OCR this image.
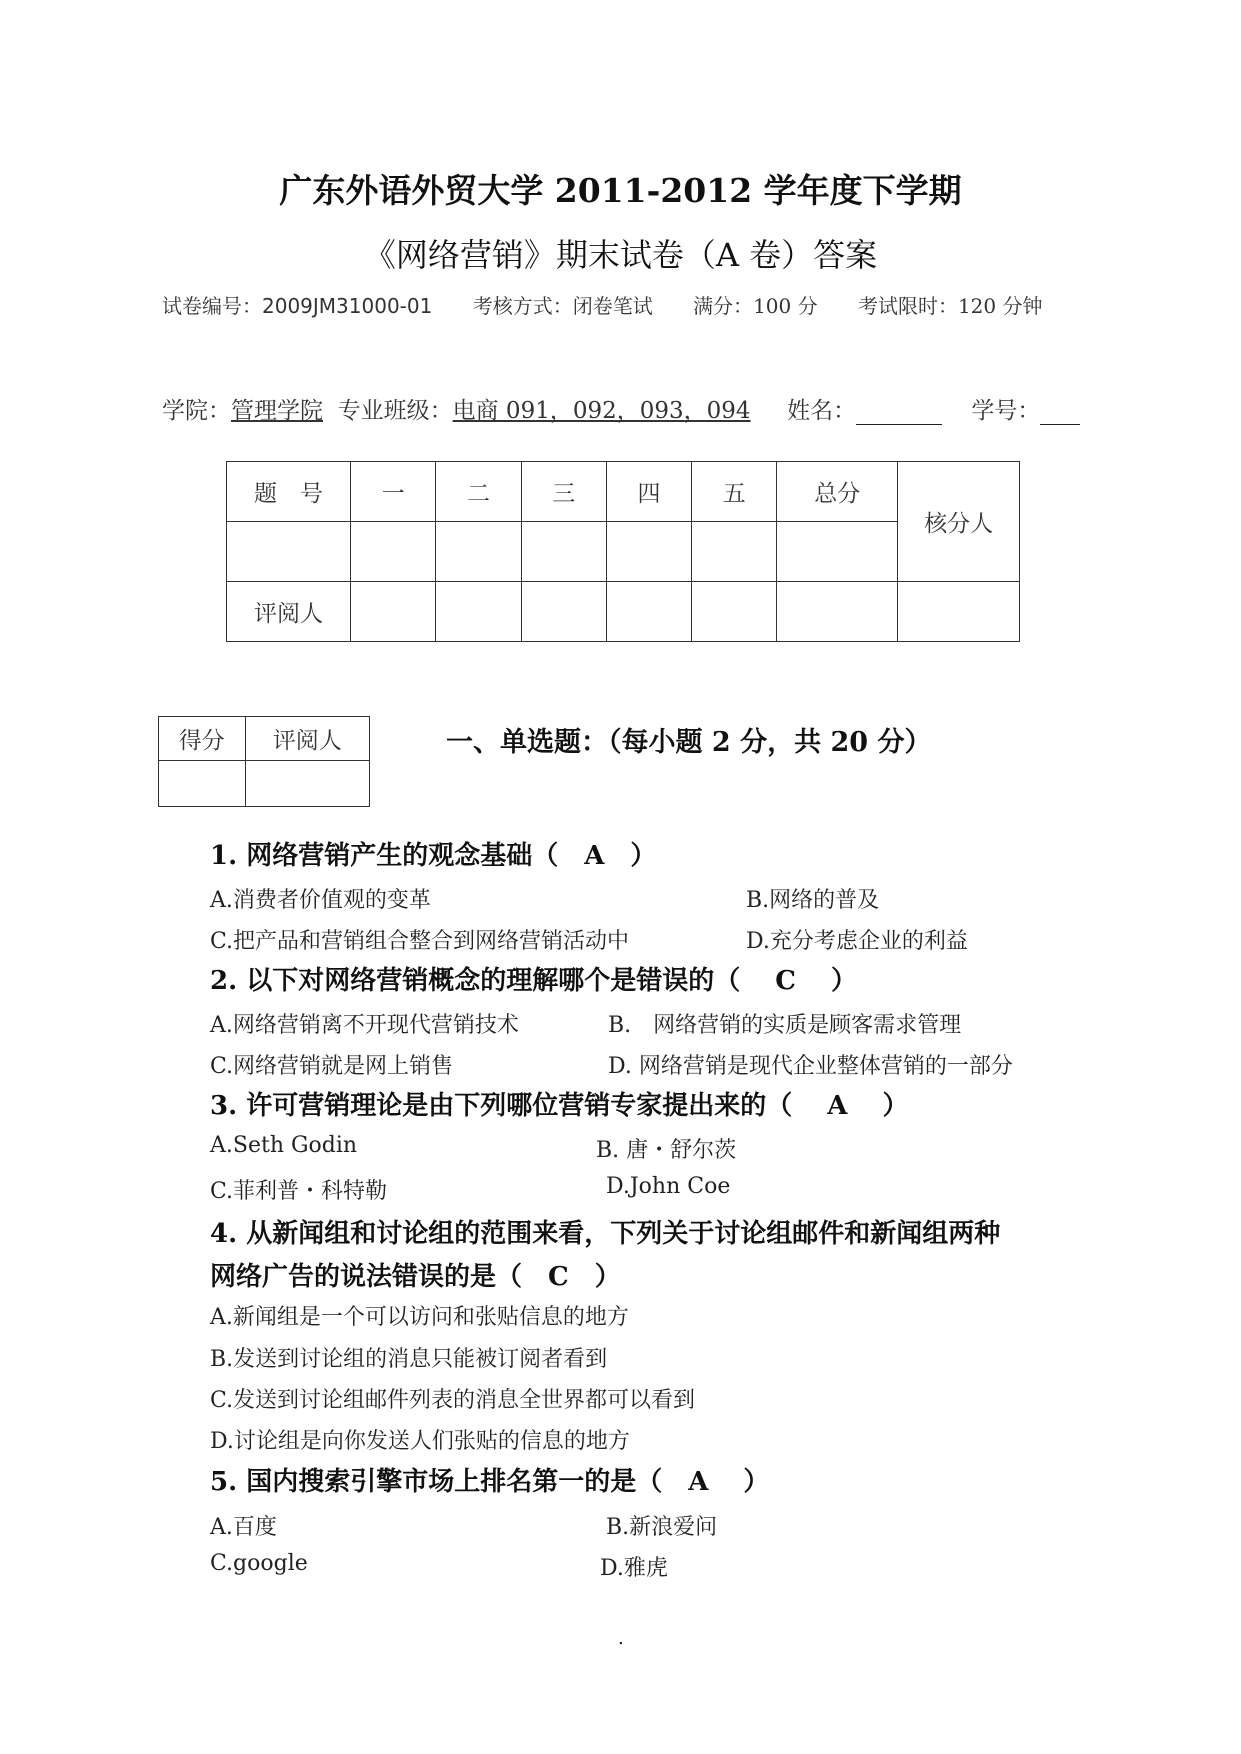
广东外语外贸大学 2011-2012 学年度下学期
《网络营销》期末试卷（A 卷）答案
试卷编号：2009JM31000-01 考核方式：闭卷笔试 满分：100 分 考试限时：120 分钟
学院：管理学院 专业班级：电商 091，092，093，094 姓名：	学号：
题　号	一	二	三	四	五	总分	核分人

评阅人							
得分	评阅人
		一、单选题：（每小题 2 分，共 20 分）
1. 网络营销产生的观念基础（　A　）
A.消费者价值观的变革	B.网络的普及
C.把产品和营销组合整合到网络营销活动中	D.充分考虑企业的利益
2. 以下对网络营销概念的理解哪个是错误的（　 C　 ）
A.网络营销离不开现代营销技术	B.　网络营销的实质是顾客需求管理
C.网络营销就是网上销售	D. 网络营销是现代企业整体营销的一部分
3. 许可营销理论是由下列哪位营销专家提出来的（　 A　 ）
A.Seth Godin	B. 唐・舒尔茨
C.菲利普・科特勒	D.John Coe
4. 从新闻组和讨论组的范围来看，下列关于讨论组邮件和新闻组两种
网络广告的说法错误的是（　C　）
A.新闻组是一个可以访问和张贴信息的地方
B.发送到讨论组的消息只能被订阅者看到
C.发送到讨论组邮件列表的消息全世界都可以看到
D.讨论组是向你发送人们张贴的信息的地方
5. 国内搜索引擎市场上排名第一的是（　A　 ）
A.百度	B.新浪爱问
C.google	D.雅虎
.
